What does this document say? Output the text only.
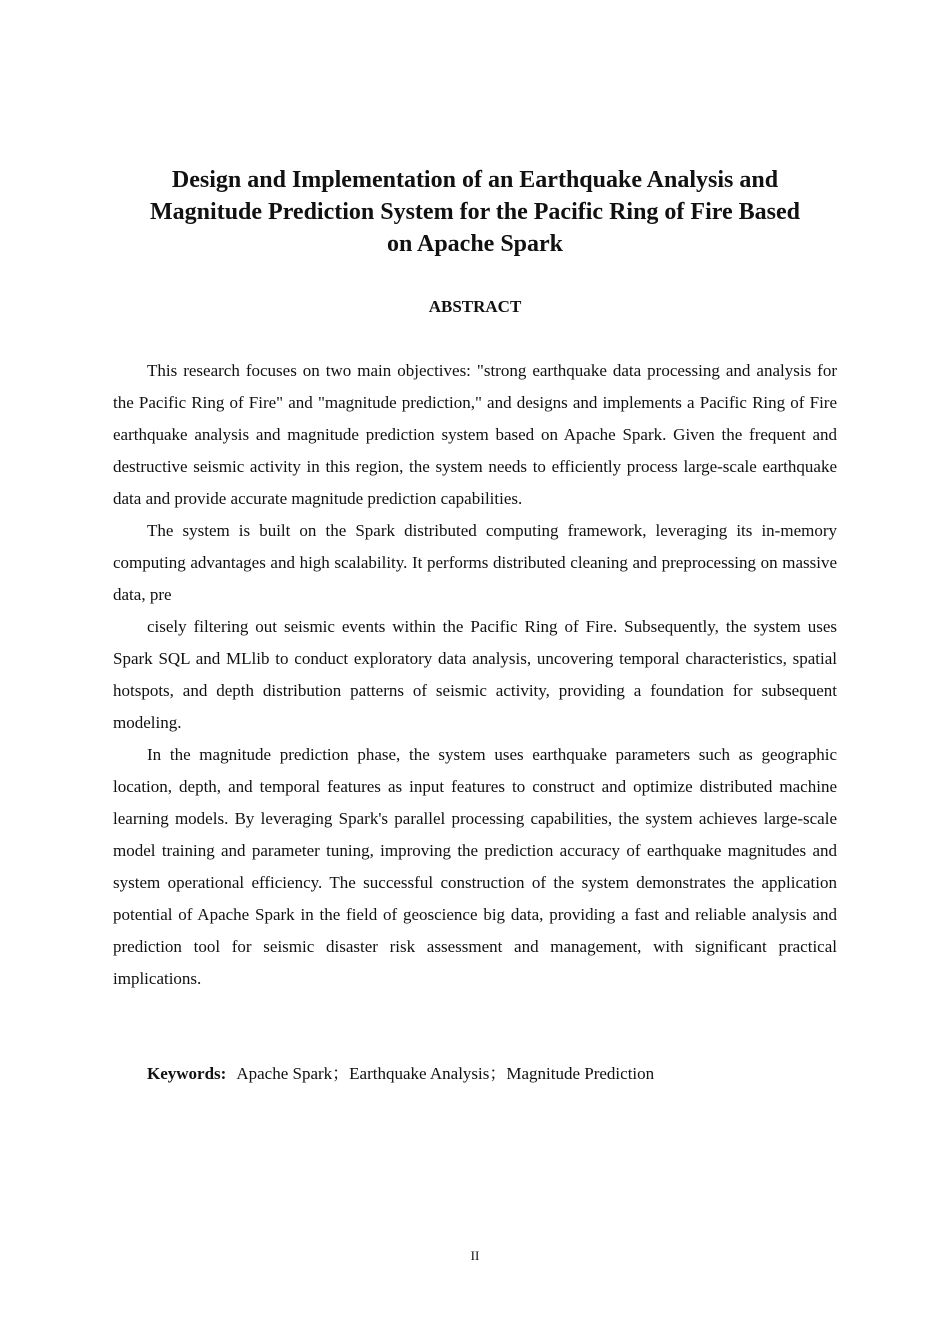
Design and Implementation of an Earthquake Analysis and
Magnitude Prediction System for the Pacific Ring of Fire Based
on Apache Spark
ABSTRACT

This research focuses on two main objectives: "strong earthquake data processing and analysis for the Pacific Ring of Fire" and "magnitude prediction," and designs and implements a Pacific Ring of Fire earthquake analysis and magnitude prediction system based on Apache Spark. Given the frequent and destructive seismic activity in this region, the system needs to efficiently process large-scale earthquake data and provide accurate magnitude prediction capabilities.

The system is built on the Spark distributed computing framework, leveraging its in-memory computing advantages and high scalability. It performs distributed cleaning and preprocessing on massive data, pre

cisely filtering out seismic events within the Pacific Ring of Fire. Subsequently, the system uses Spark SQL and MLlib to conduct exploratory data analysis, uncovering temporal characteristics, spatial hotspots, and depth distribution patterns of seismic activity, providing a foundation for subsequent modeling.

In the magnitude prediction phase, the system uses earthquake parameters such as geographic location, depth, and temporal features as input features to construct and optimize distributed machine learning models. By leveraging Spark's parallel processing capabilities, the system achieves large-scale model training and parameter tuning, improving the prediction accuracy of earthquake magnitudes and system operational efficiency. The successful construction of the system demonstrates the application potential of Apache Spark in the field of geoscience big data, providing a fast and reliable analysis and prediction tool for seismic disaster risk assessment and management, with significant practical implications.

Keywords: Apache Spark；Earthquake Analysis；Magnitude Prediction

II
